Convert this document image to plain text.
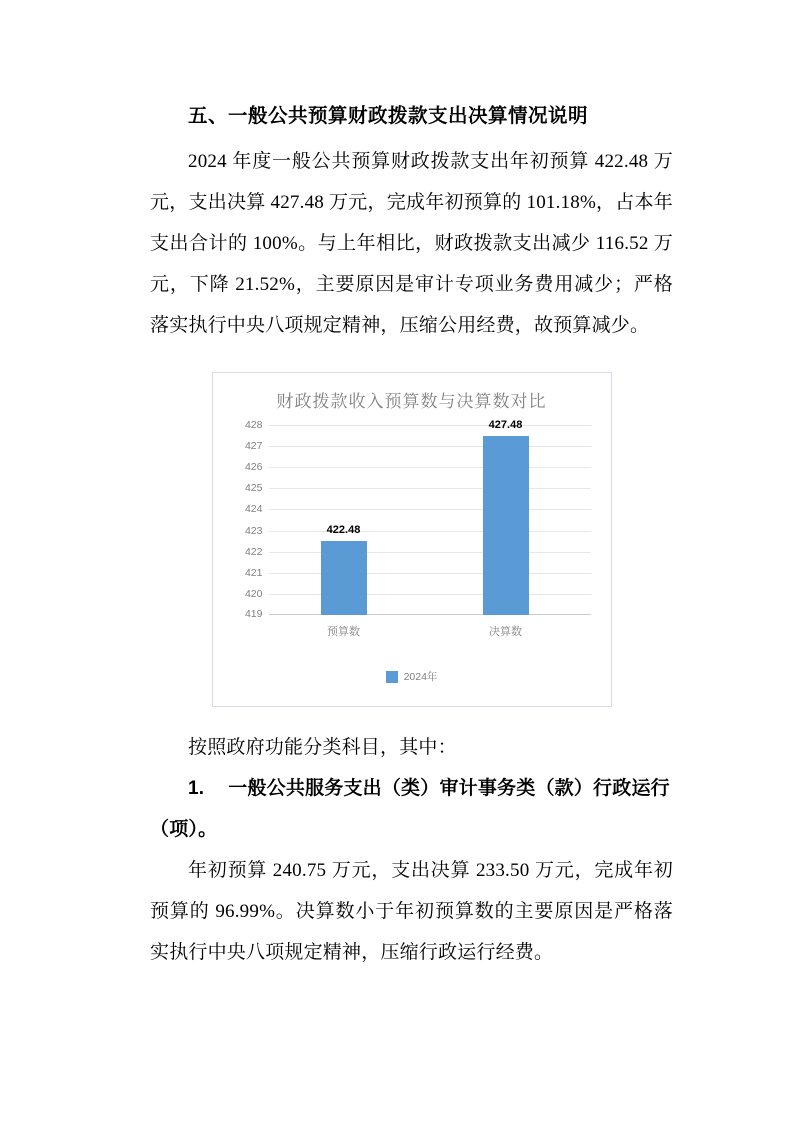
五、一般公共预算财政拨款支出决算情况说明

2024 年度一般公共预算财政拨款支出年初预算 422.48 万元，支出决算 427.48 万元，完成年初预算的 101.18%，占本年支出合计的 100%。与上年相比，财政拨款支出减少 116.52 万元，下降 21.52%，主要原因是审计专项业务费用减少；严格落实执行中央八项规定精神，压缩公用经费，故预算减少。

财政拨款收入预算数与决算数对比
428
427
426
425
424
423
422
421
420
419
422.48
预算数
427.48
决算数
2024年

按照政府功能分类科目，其中：

1. 一般公共服务支出（类）审计事务类（款）行政运行（项）。

年初预算 240.75 万元，支出决算 233.50 万元，完成年初预算的 96.99%。决算数小于年初预算数的主要原因是严格落实执行中央八项规定精神，压缩行政运行经费。
